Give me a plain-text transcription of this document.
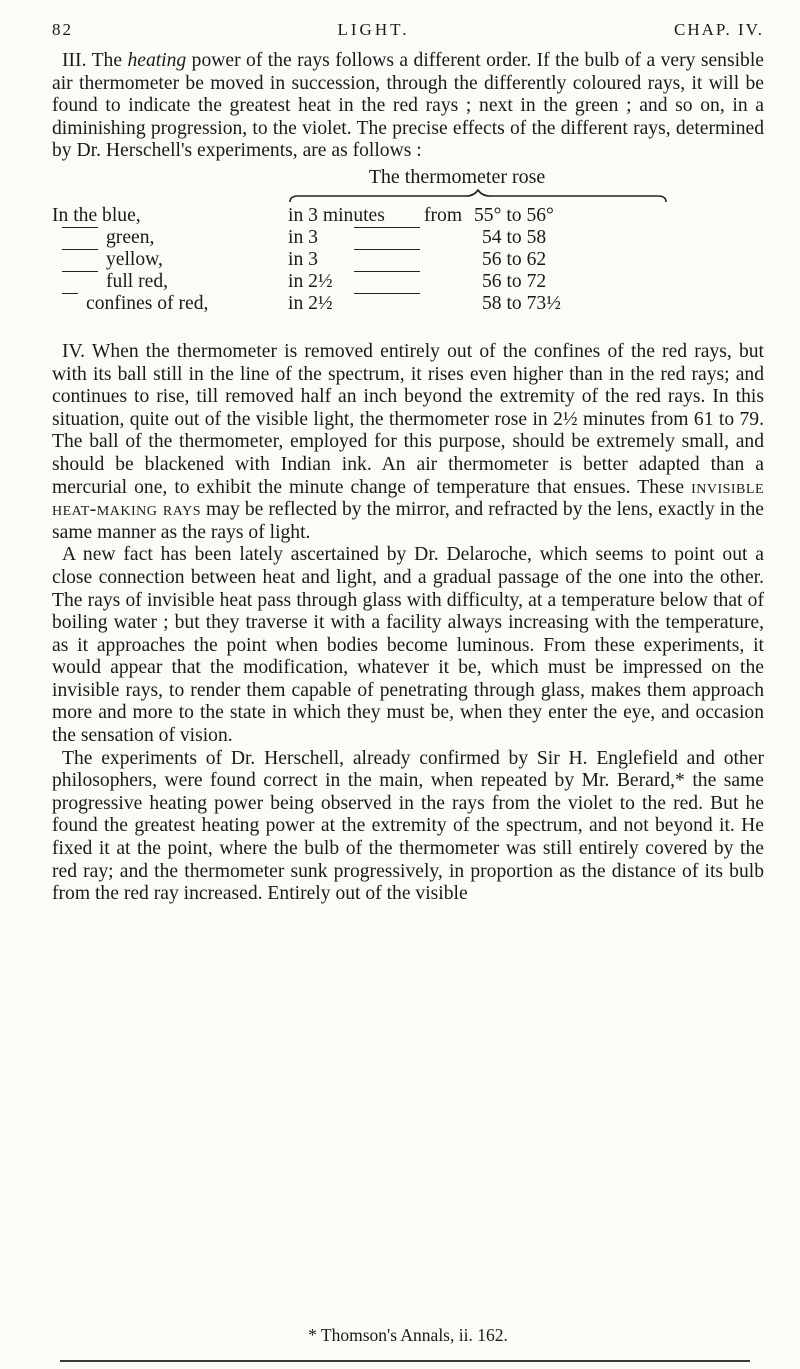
82	LIGHT.	CHAP. IV.

III. The heating power of the rays follows a different order. If the bulb of a very sensible air thermometer be moved in succession, through the differently coloured rays, it will be found to indicate the greatest heat in the red rays ; next in the green ; and so on, in a diminishing progression, to the violet. The precise effects of the different rays, determined by Dr. Herschell's experiments, are as follows :

The thermometer rose
In the blue,	in 3 minutes from 55° to 56°
green,	in 3	54 to 58
yellow,	in 3	56 to 62
full red,	in 2½	56 to 72
confines of red,	in 2½	58 to 73½

IV. When the thermometer is removed entirely out of the confines of the red rays, but with its ball still in the line of the spectrum, it rises even higher than in the red rays; and continues to rise, till removed half an inch beyond the extremity of the red rays. In this situation, quite out of the visible light, the thermometer rose in 2½ minutes from 61 to 79. The ball of the thermometer, employed for this purpose, should be extremely small, and should be blackened with Indian ink. An air thermometer is better adapted than a mercurial one, to exhibit the minute change of temperature that ensues. These invisible heat-making rays may be reflected by the mirror, and refracted by the lens, exactly in the same manner as the rays of light.

A new fact has been lately ascertained by Dr. Delaroche, which seems to point out a close connection between heat and light, and a gradual passage of the one into the other. The rays of invisible heat pass through glass with difficulty, at a temperature below that of boiling water ; but they traverse it with a facility always increasing with the temperature, as it approaches the point when bodies become luminous. From these experiments, it would appear that the modification, whatever it be, which must be impressed on the invisible rays, to render them capable of penetrating through glass, makes them approach more and more to the state in which they must be, when they enter the eye, and occasion the sensation of vision.

The experiments of Dr. Herschell, already confirmed by Sir H. Englefield and other philosophers, were found correct in the main, when repeated by Mr. Berard,* the same progressive heating power being observed in the rays from the violet to the red. But he found the greatest heating power at the extremity of the spectrum, and not beyond it. He fixed it at the point, where the bulb of the thermometer was still entirely covered by the red ray; and the thermometer sunk progressively, in proportion as the distance of its bulb from the red ray increased. Entirely out of the visible

* Thomson's Annals, ii. 162.
